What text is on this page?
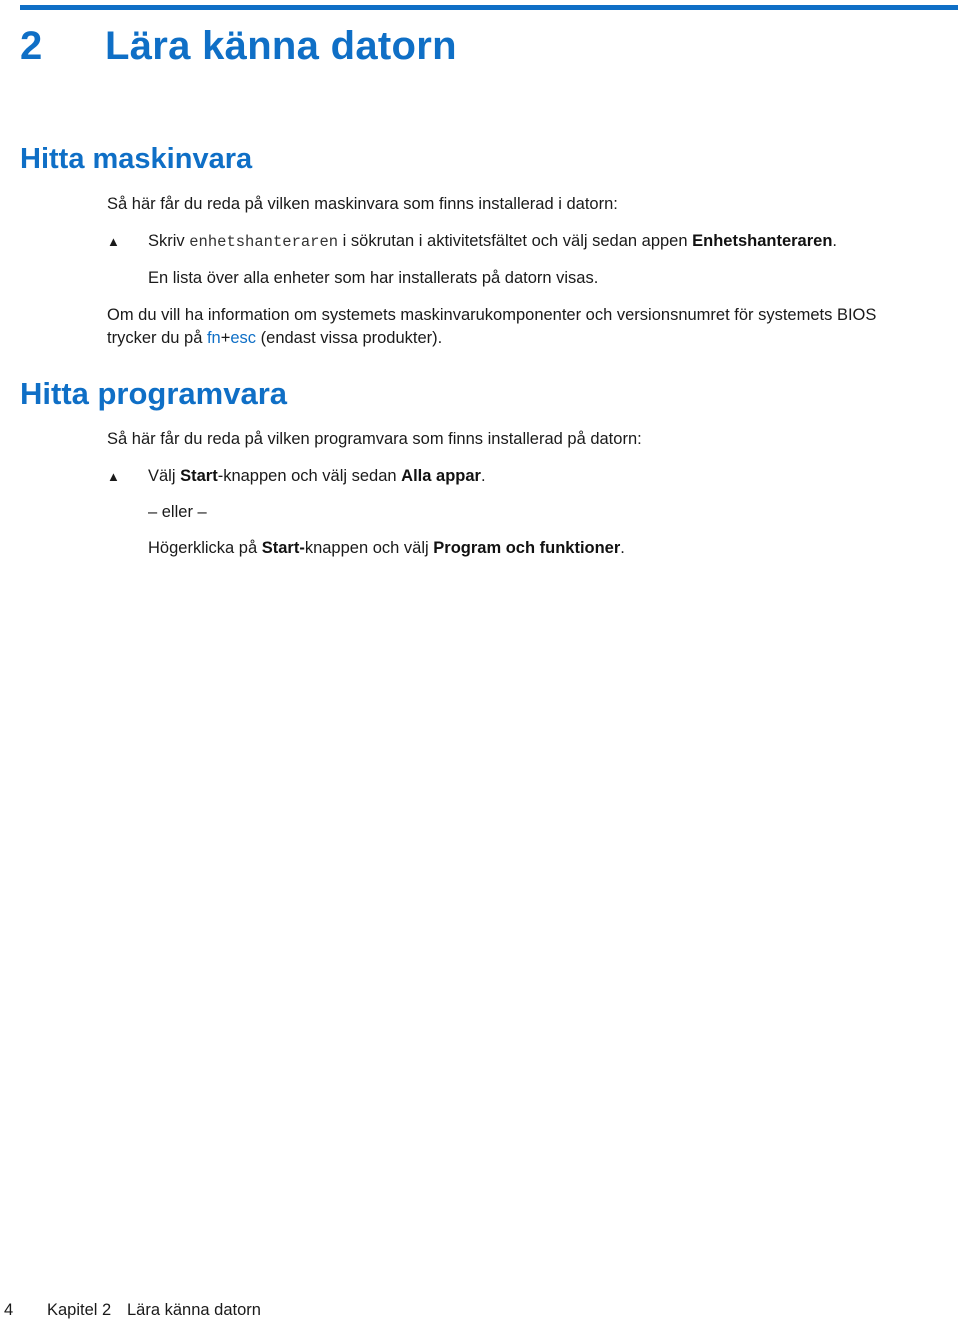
2 Lära känna datorn
Hitta maskinvara

Så här får du reda på vilken maskinvara som finns installerad i datorn:

▲ Skriv enhetshanteraren i sökrutan i aktivitetsfältet och välj sedan appen Enhetshanteraren.

En lista över alla enheter som har installerats på datorn visas.

Om du vill ha information om systemets maskinvarukomponenter och versionsnumret för systemets BIOS

trycker du på fn+esc (endast vissa produkter).

Hitta programvara

Så här får du reda på vilken programvara som finns installerad på datorn:

▲ Välj Start-knappen och välj sedan Alla appar.

– eller –

Högerklicka på Start-knappen och välj Program och funktioner.

4 Kapitel 2 Lära känna datorn
